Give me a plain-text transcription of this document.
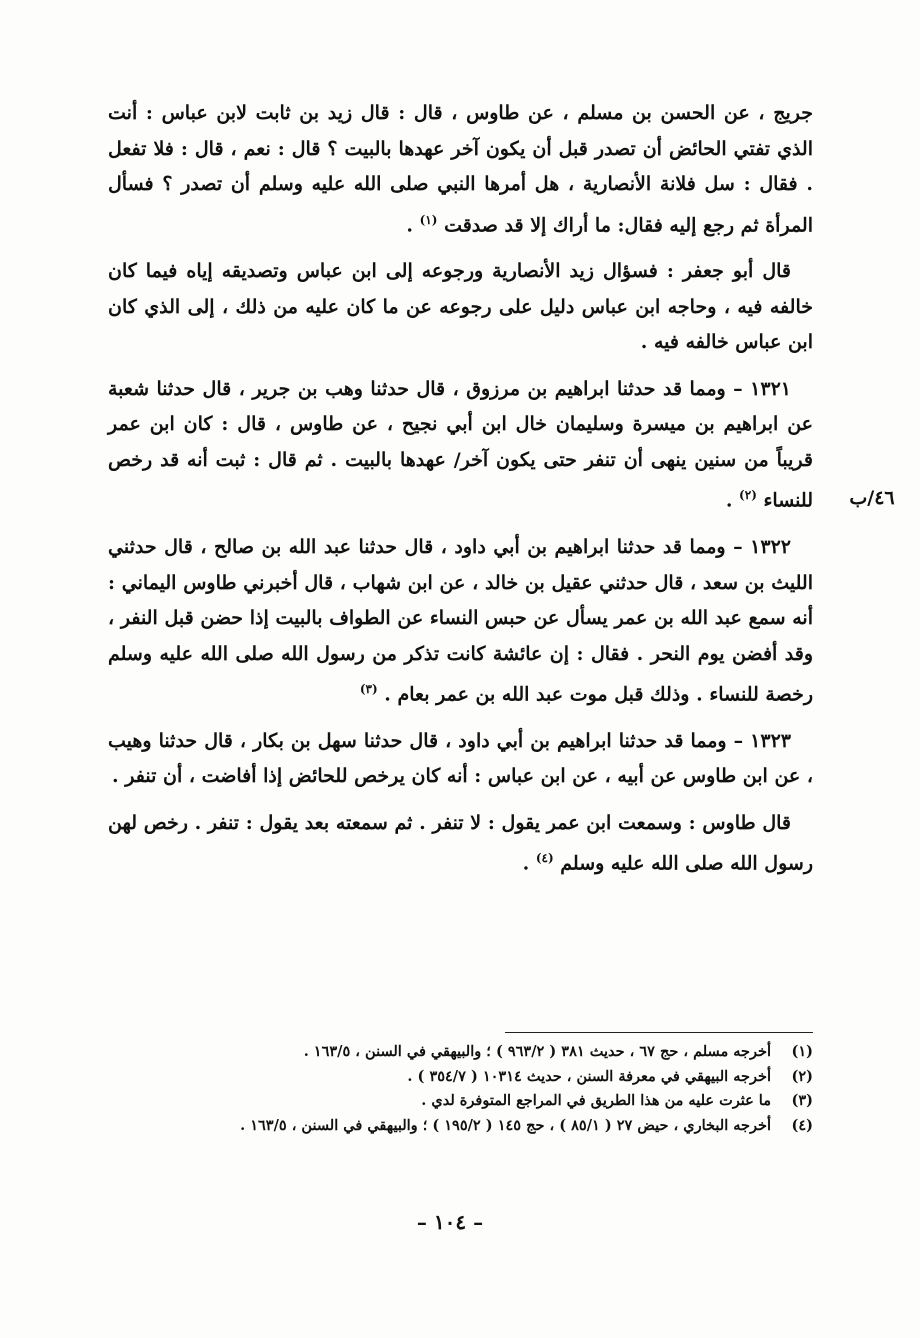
جريج ، عن الحسن بن مسلم ، عن طاوس ، قال : قال زيد بن ثابت لابن عباس : أنت الذي تفتي الحائض أن تصدر قبل أن يكون آخر عهدها بالبيت ؟ قال : نعم ، قال : فلا تفعل . فقال : سل فلانة الأنصارية ، هل أمرها النبي صلى الله عليه وسلم أن تصدر ؟ فسأل المرأة ثم رجع إليه فقال: ما أراك إلا قد صدقت $^{(١)}$ .

قال أبو جعفر : فسؤال زيد الأنصارية ورجوعه إلى ابن عباس وتصديقه إياه فيما كان خالفه فيه ، وحاجه ابن عباس دليل على رجوعه عن ما كان عليه من ذلك ، إلى الذي كان ابن عباس خالفه فيه .

١٣٢١ – ومما قد حدثنا ابراهيم بن مرزوق ، قال حدثنا وهب بن جرير ، قال حدثنا شعبة عن ابراهيم بن ميسرة وسليمان خال ابن أبي نجيح ، عن طاوس ، قال : كان ابن عمر قريباً من سنين ينهى أن تنفر حتى يكون آخر/ عهدها بالبيت . ثم قال : ثبت أنه قد رخص للنساء $^{(٢)}$ .

١٣٢٢ – ومما قد حدثنا ابراهيم بن أبي داود ، قال حدثنا عبد الله بن صالح ، قال حدثني الليث بن سعد ، قال حدثني عقيل بن خالد ، عن ابن شهاب ، قال أخبرني طاوس اليماني : أنه سمع عبد الله بن عمر يسأل عن حبس النساء عن الطواف بالبيت إذا حضن قبل النفر ، وقد أفضن يوم النحر . فقال : إن عائشة كانت تذكر من رسول الله صلى الله عليه وسلم رخصة للنساء . وذلك قبل موت عبد الله بن عمر بعام . $^{(٣)}$

١٣٢٣ – ومما قد حدثنا ابراهيم بن أبي داود ، قال حدثنا سهل بن بكار ، قال حدثنا وهيب ، عن ابن طاوس عن أبيه ، عن ابن عباس : أنه كان يرخص للحائض إذا أفاضت ، أن تنفر .

قال طاوس : وسمعت ابن عمر يقول : لا تنفر . ثم سمعته بعد يقول : تنفر . رخص لهن رسول الله صلى الله عليه وسلم $^{(٤)}$ .

٤٦/ب
(١)
أخرجه مسلم ، حج ٦٧ ، حديث ٣٨١ ( ٩٦٣/٢ ) ؛ والبيهقي في السنن ، ١٦٣/٥ .
(٢)
أخرجه البيهقي في معرفة السنن ، حديث ١٠٣١٤ ( ٣٥٤/٧ ) .
(٣)
ما عثرت عليه من هذا الطريق في المراجع المتوفرة لدي .
(٤)
أخرجه البخاري ، حيض ٢٧ ( ٨٥/١ ) ، حج ١٤٥ ( ١٩٥/٢ ) ؛ والبيهقي في السنن ، ١٦٣/٥ .
– ١٠٤ –
